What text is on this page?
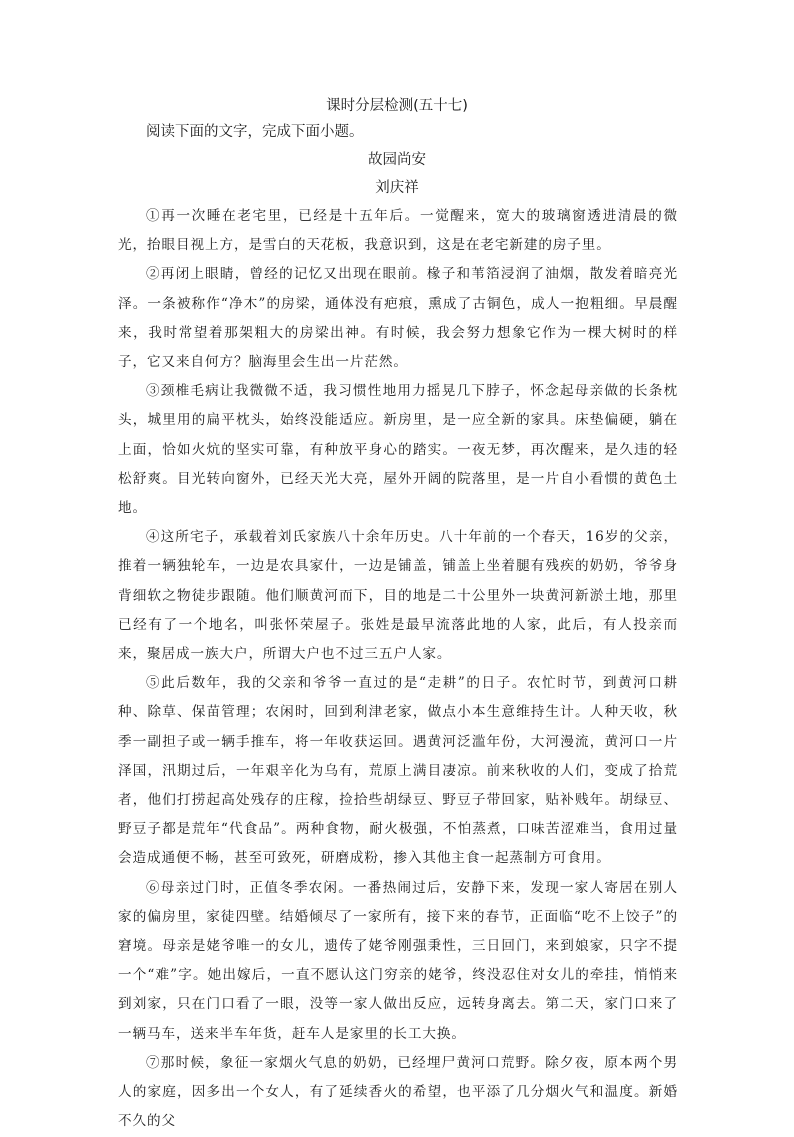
课时分层检测(五十七)
阅读下面的文字，完成下面小题。
故园尚安
刘庆祥

①再一次睡在老宅里，已经是十五年后。一觉醒来，宽大的玻璃窗透进清晨的微光，抬眼目视上方，是雪白的天花板，我意识到，这是在老宅新建的房子里。

②再闭上眼睛，曾经的记忆又出现在眼前。椽子和苇箔浸润了油烟，散发着暗亮光泽。一条被称作“净木”的房梁，通体没有疤痕，熏成了古铜色，成人一抱粗细。早晨醒来，我时常望着那架粗大的房梁出神。有时候，我会努力想象它作为一棵大树时的样子，它又来自何方？脑海里会生出一片茫然。

③颈椎毛病让我微微不适，我习惯性地用力摇晃几下脖子，怀念起母亲做的长条枕头，城里用的扁平枕头，始终没能适应。新房里，是一应全新的家具。床垫偏硬，躺在上面，恰如火炕的坚实可靠，有种放平身心的踏实。一夜无梦，再次醒来，是久违的轻松舒爽。目光转向窗外，已经天光大亮，屋外开阔的院落里，是一片自小看惯的黄色土地。

④这所宅子，承载着刘氏家族八十余年历史。八十年前的一个春天，16岁的父亲，推着一辆独轮车，一边是农具家什，一边是铺盖，铺盖上坐着腿有残疾的奶奶，爷爷身背细软之物徒步跟随。他们顺黄河而下，目的地是二十公里外一块黄河新淤土地，那里已经有了一个地名，叫张怀荣屋子。张姓是最早流落此地的人家，此后，有人投亲而来，聚居成一族大户，所谓大户也不过三五户人家。

⑤此后数年，我的父亲和爷爷一直过的是“走耕”的日子。农忙时节，到黄河口耕种、除草、保苗管理；农闲时，回到利津老家，做点小本生意维持生计。人种天收，秋季一副担子或一辆手推车，将一年收获运回。遇黄河泛滥年份，大河漫流，黄河口一片泽国，汛期过后，一年艰辛化为乌有，荒原上满目凄凉。前来秋收的人们，变成了拾荒者，他们打捞起高处残存的庄稼，捡拾些胡绿豆、野豆子带回家，贴补贱年。胡绿豆、野豆子都是荒年“代食品”。两种食物，耐火极强，不怕蒸煮，口味苦涩难当，食用过量会造成通便不畅，甚至可致死，研磨成粉，掺入其他主食一起蒸制方可食用。

⑥母亲过门时，正值冬季农闲。一番热闹过后，安静下来，发现一家人寄居在别人家的偏房里，家徒四壁。结婚倾尽了一家所有，接下来的春节，正面临“吃不上饺子”的窘境。母亲是姥爷唯一的女儿，遗传了姥爷刚强秉性，三日回门，来到娘家，只字不提一个“难”字。她出嫁后，一直不愿认这门穷亲的姥爷，终没忍住对女儿的牵挂，悄悄来到刘家，只在门口看了一眼，没等一家人做出反应，远转身离去。第二天，家门口来了一辆马车，送来半车年货，赶车人是家里的长工大换。

⑦那时候，象征一家烟火气息的奶奶，已经埋尸黄河口荒野。除夕夜，原本两个男人的家庭，因多出一个女人，有了延续香火的希望，也平添了几分烟火气和温度。新婚不久的父
